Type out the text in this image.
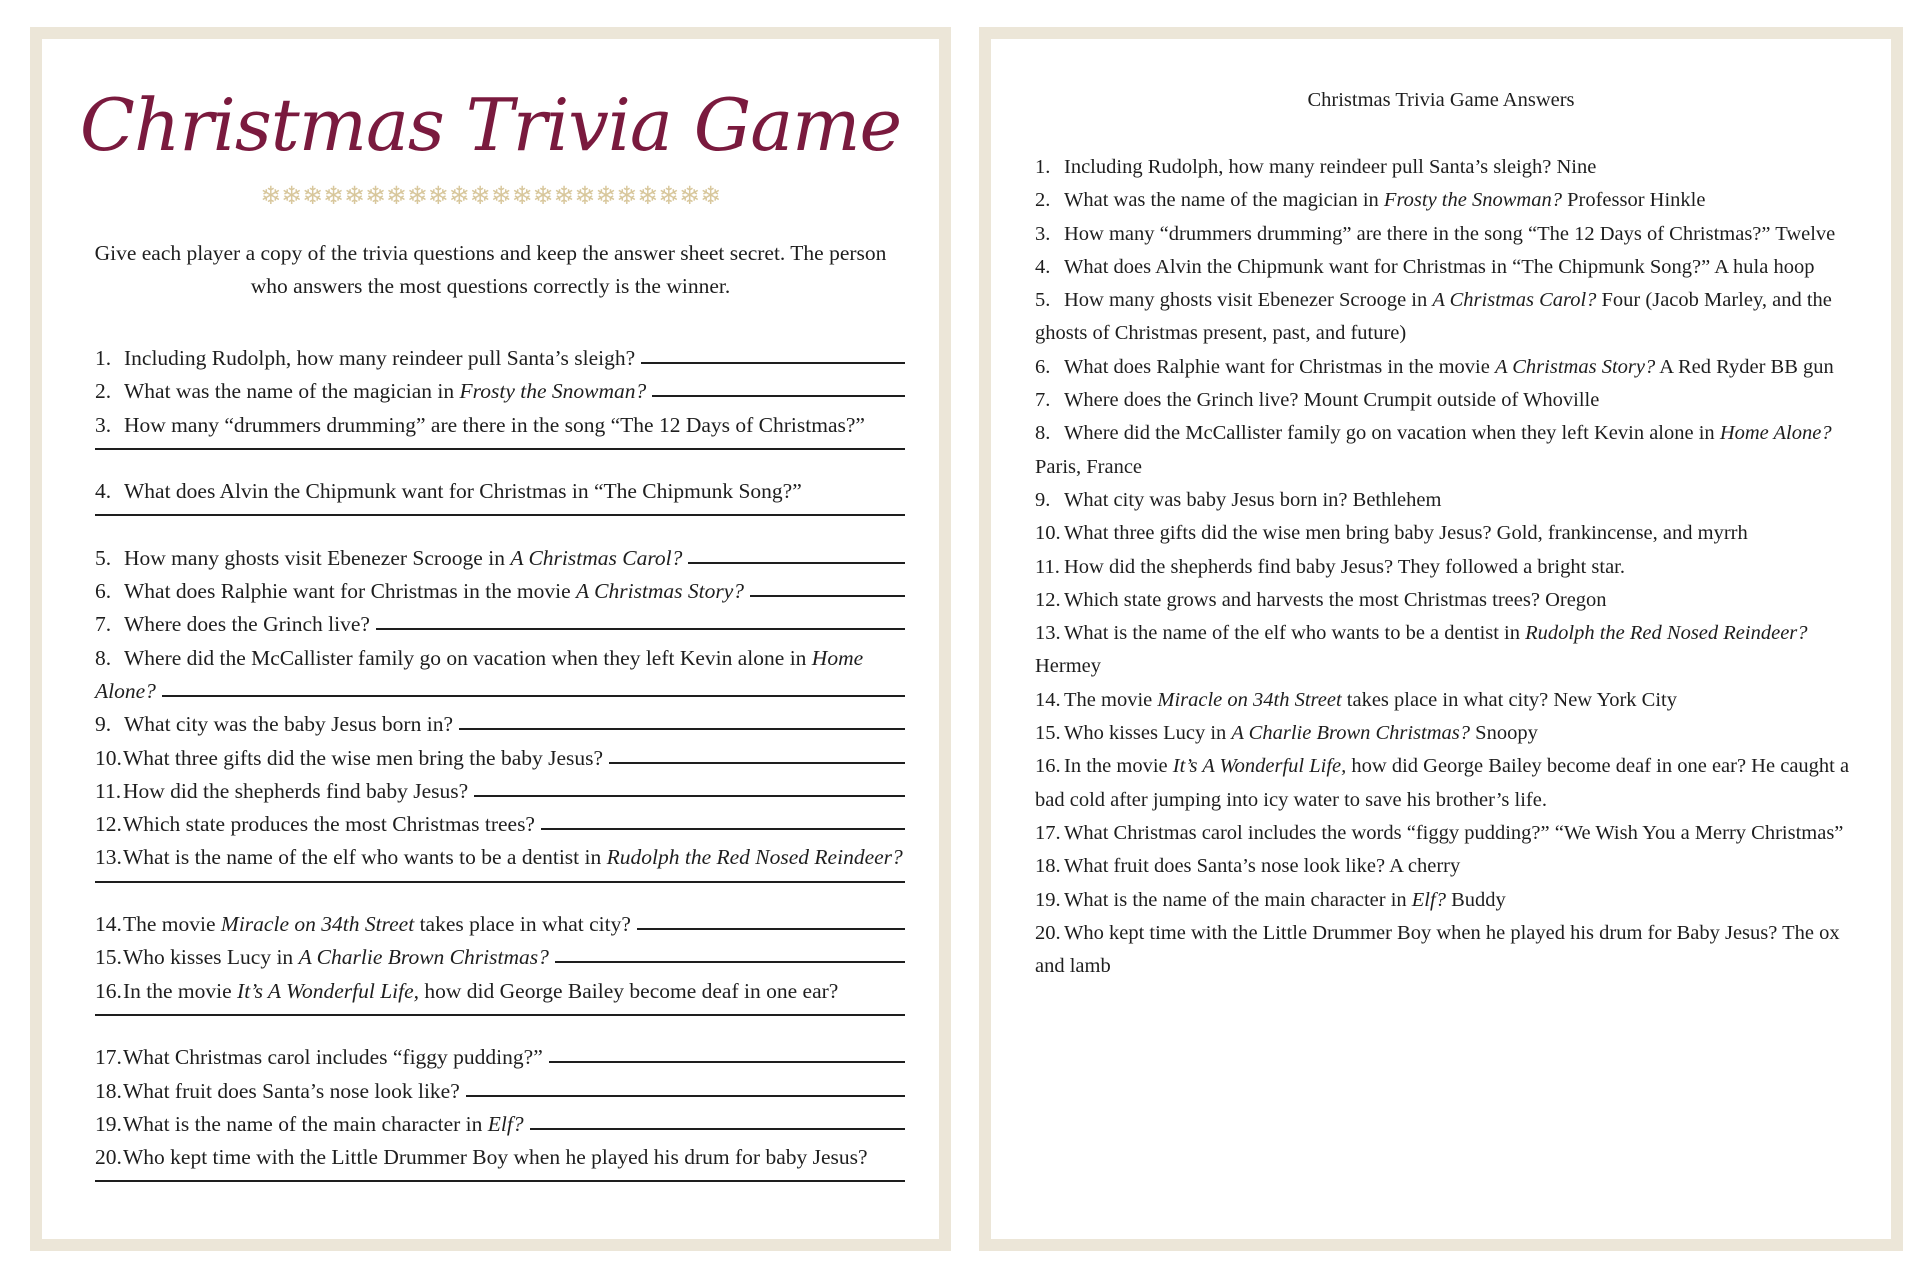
Christmas Trivia Game
❄❄❄❄❄❄❄❄❄❄❄❄❄❄❄❄❄❄❄❄❄❄
Give each player a copy of the trivia questions and keep the answer sheet secret. The person who answers the most questions correctly is the winner.
1. Including Rudolph, how many reindeer pull Santa’s sleigh?
2. What was the name of the magician in Frosty the Snowman?
3. How many “drummers drumming” are there in the song “The 12 Days of Christmas?”
4. What does Alvin the Chipmunk want for Christmas in “The Chipmunk Song?”
5. How many ghosts visit Ebenezer Scrooge in A Christmas Carol?
6. What does Ralphie want for Christmas in the movie A Christmas Story?
7. Where does the Grinch live?
8. Where did the McCallister family go on vacation when they left Kevin alone in Home
Alone?
9. What city was the baby Jesus born in?
10. What three gifts did the wise men bring the baby Jesus?
11. How did the shepherds find baby Jesus?
12. Which state produces the most Christmas trees?
13.What is the name of the elf who wants to be a dentist in Rudolph the Red Nosed Reindeer?
14. The movie Miracle on 34th Street takes place in what city?
15. Who kisses Lucy in A Charlie Brown Christmas?
16.In the movie It’s A Wonderful Life, how did George Bailey become deaf in one ear?
17. What Christmas carol includes “figgy pudding?”
18. What fruit does Santa’s nose look like?
19. What is the name of the main character in Elf?
20.Who kept time with the Little Drummer Boy when he played his drum for baby Jesus?
Christmas Trivia Game Answers
1. Including Rudolph, how many reindeer pull Santa’s sleigh? Nine
2. What was the name of the magician in Frosty the Snowman? Professor Hinkle
3. How many “drummers drumming” are there in the song “The 12 Days of Christmas?” Twelve
4. What does Alvin the Chipmunk want for Christmas in “The Chipmunk Song?” A hula hoop
5. How many ghosts visit Ebenezer Scrooge in A Christmas Carol? Four (Jacob Marley, and the ghosts of Christmas present, past, and future)
6. What does Ralphie want for Christmas in the movie A Christmas Story? A Red Ryder BB gun
7. Where does the Grinch live? Mount Crumpit outside of Whoville
8. Where did the McCallister family go on vacation when they left Kevin alone in Home Alone? Paris, France
9. What city was baby Jesus born in? Bethlehem
10. What three gifts did the wise men bring baby Jesus? Gold, frankincense, and myrrh
11. How did the shepherds find baby Jesus? They followed a bright star.
12. Which state grows and harvests the most Christmas trees? Oregon
13. What is the name of the elf who wants to be a dentist in Rudolph the Red Nosed Reindeer? Hermey
14. The movie Miracle on 34th Street takes place in what city? New York City
15. Who kisses Lucy in A Charlie Brown Christmas? Snoopy
16. In the movie It’s A Wonderful Life, how did George Bailey become deaf in one ear? He caught a bad cold after jumping into icy water to save his brother’s life.
17. What Christmas carol includes the words “figgy pudding?” “We Wish You a Merry Christmas”
18. What fruit does Santa’s nose look like? A cherry
19. What is the name of the main character in Elf? Buddy
20. Who kept time with the Little Drummer Boy when he played his drum for Baby Jesus? The ox and lamb
